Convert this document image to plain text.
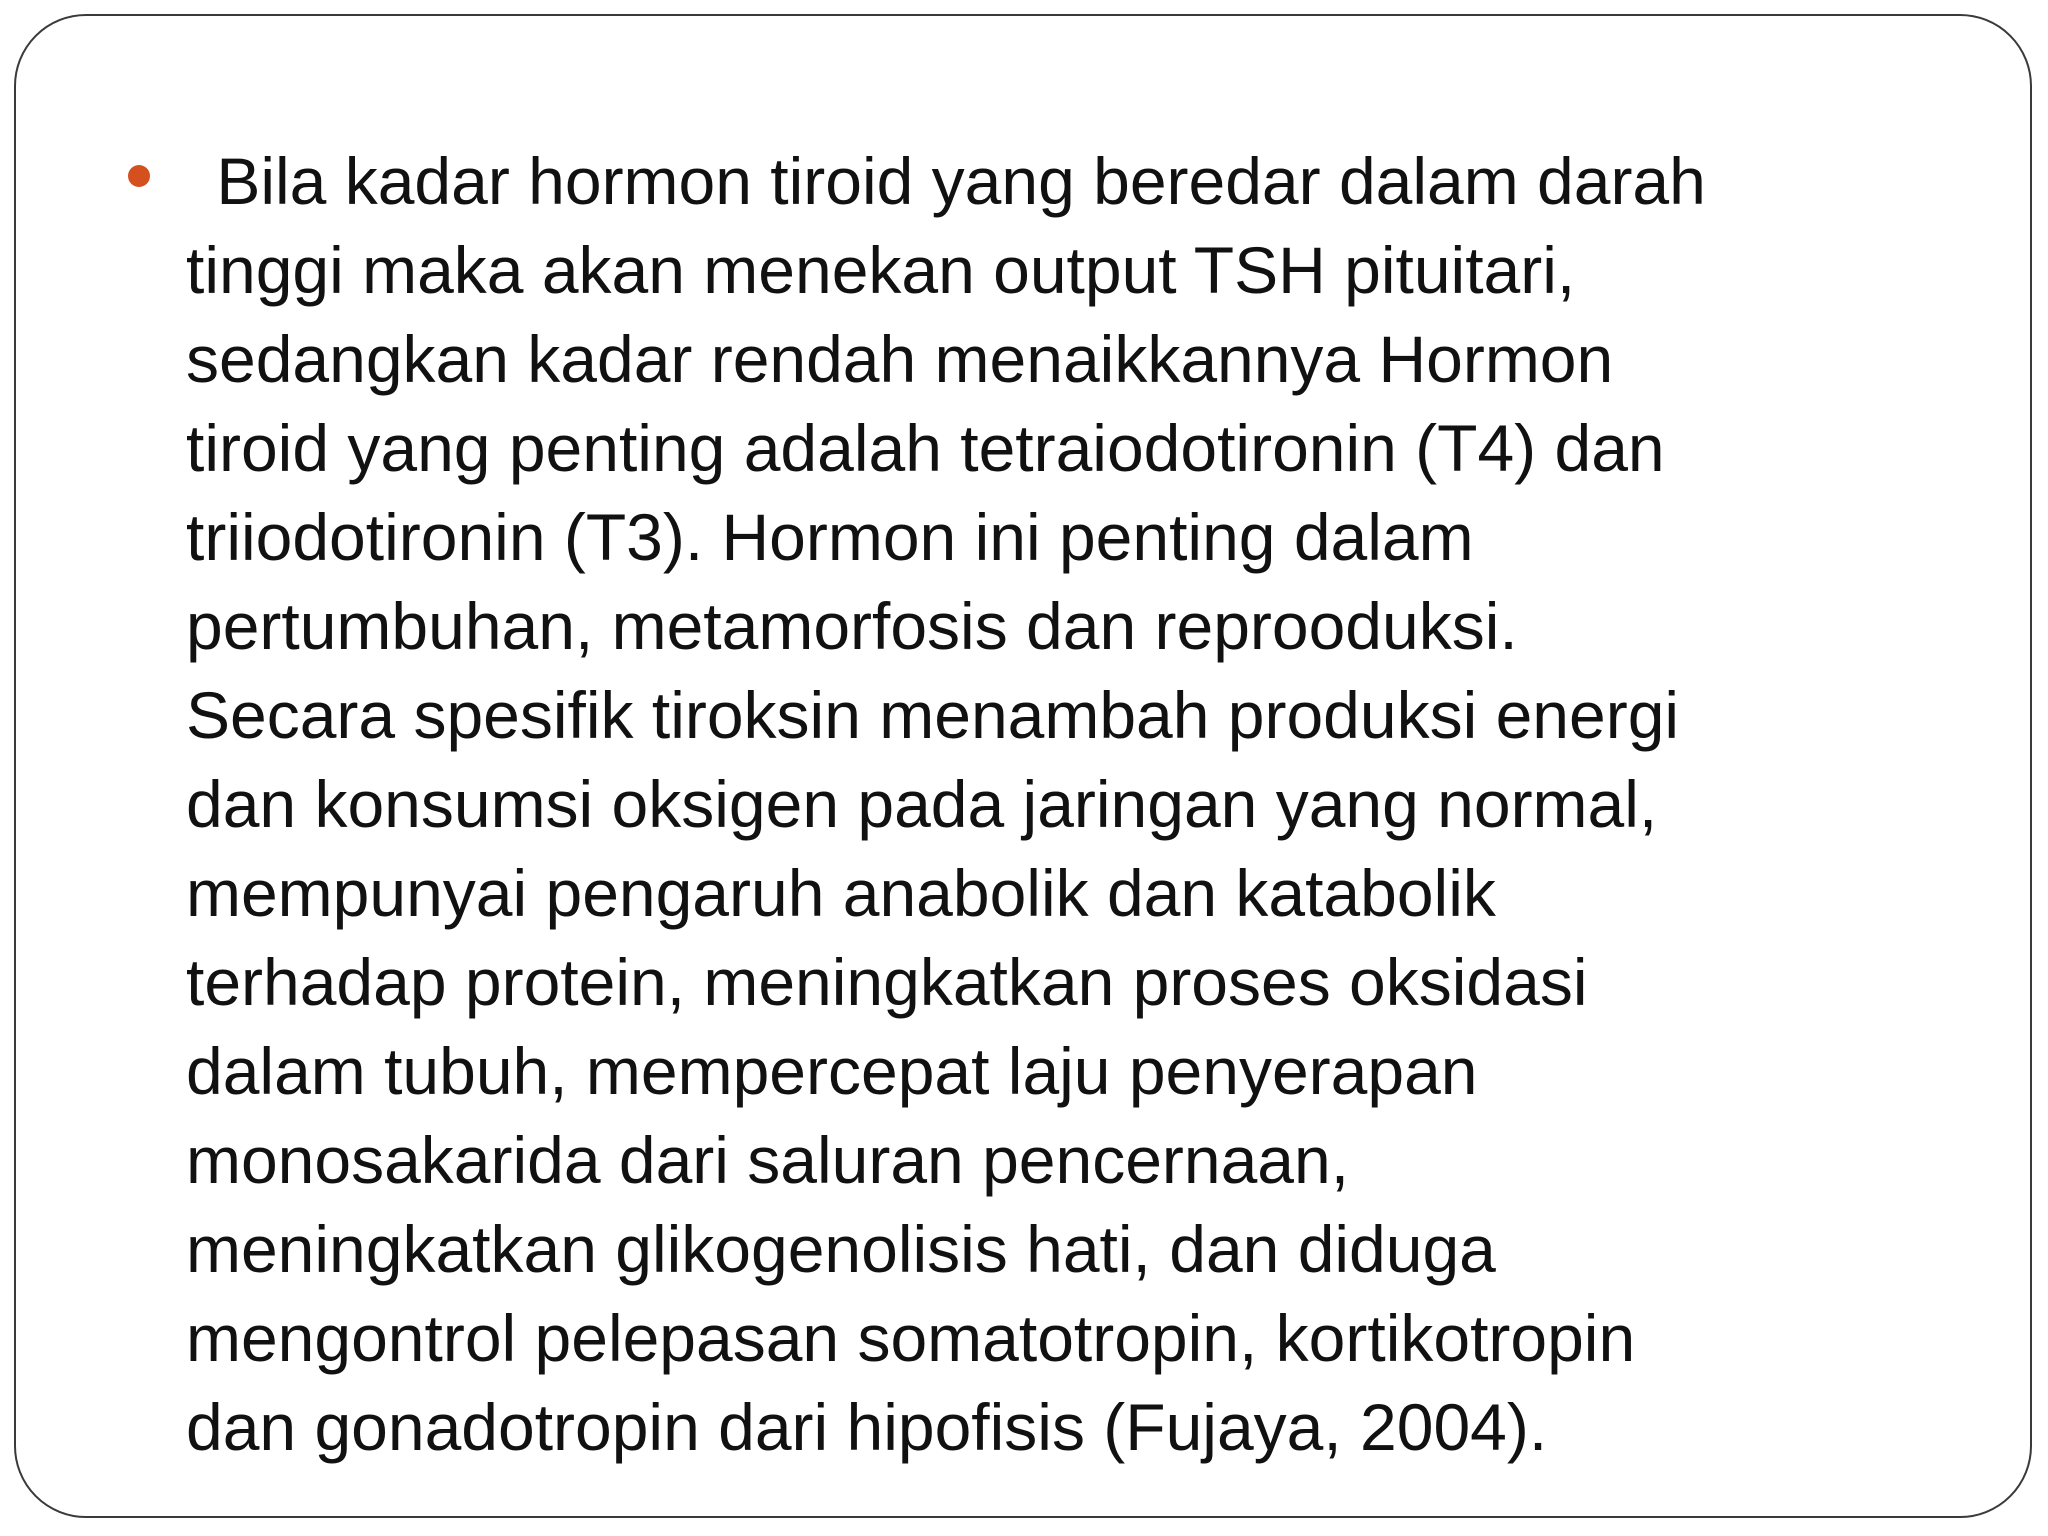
Bila kadar hormon tiroid yang beredar dalam darah
tinggi maka akan menekan output TSH pituitari,
sedangkan kadar rendah menaikkannya Hormon
tiroid yang penting adalah tetraiodotironin (T4) dan
triiodotironin (T3). Hormon ini penting dalam
pertumbuhan, metamorfosis dan reprooduksi.
Secara spesifik tiroksin menambah produksi energi
dan konsumsi oksigen pada jaringan yang normal,
mempunyai pengaruh anabolik dan katabolik
terhadap protein, meningkatkan proses oksidasi
dalam tubuh, mempercepat laju penyerapan
monosakarida dari saluran pencernaan,
meningkatkan glikogenolisis hati, dan diduga
mengontrol pelepasan somatotropin, kortikotropin
dan gonadotropin dari hipofisis (Fujaya, 2004).
